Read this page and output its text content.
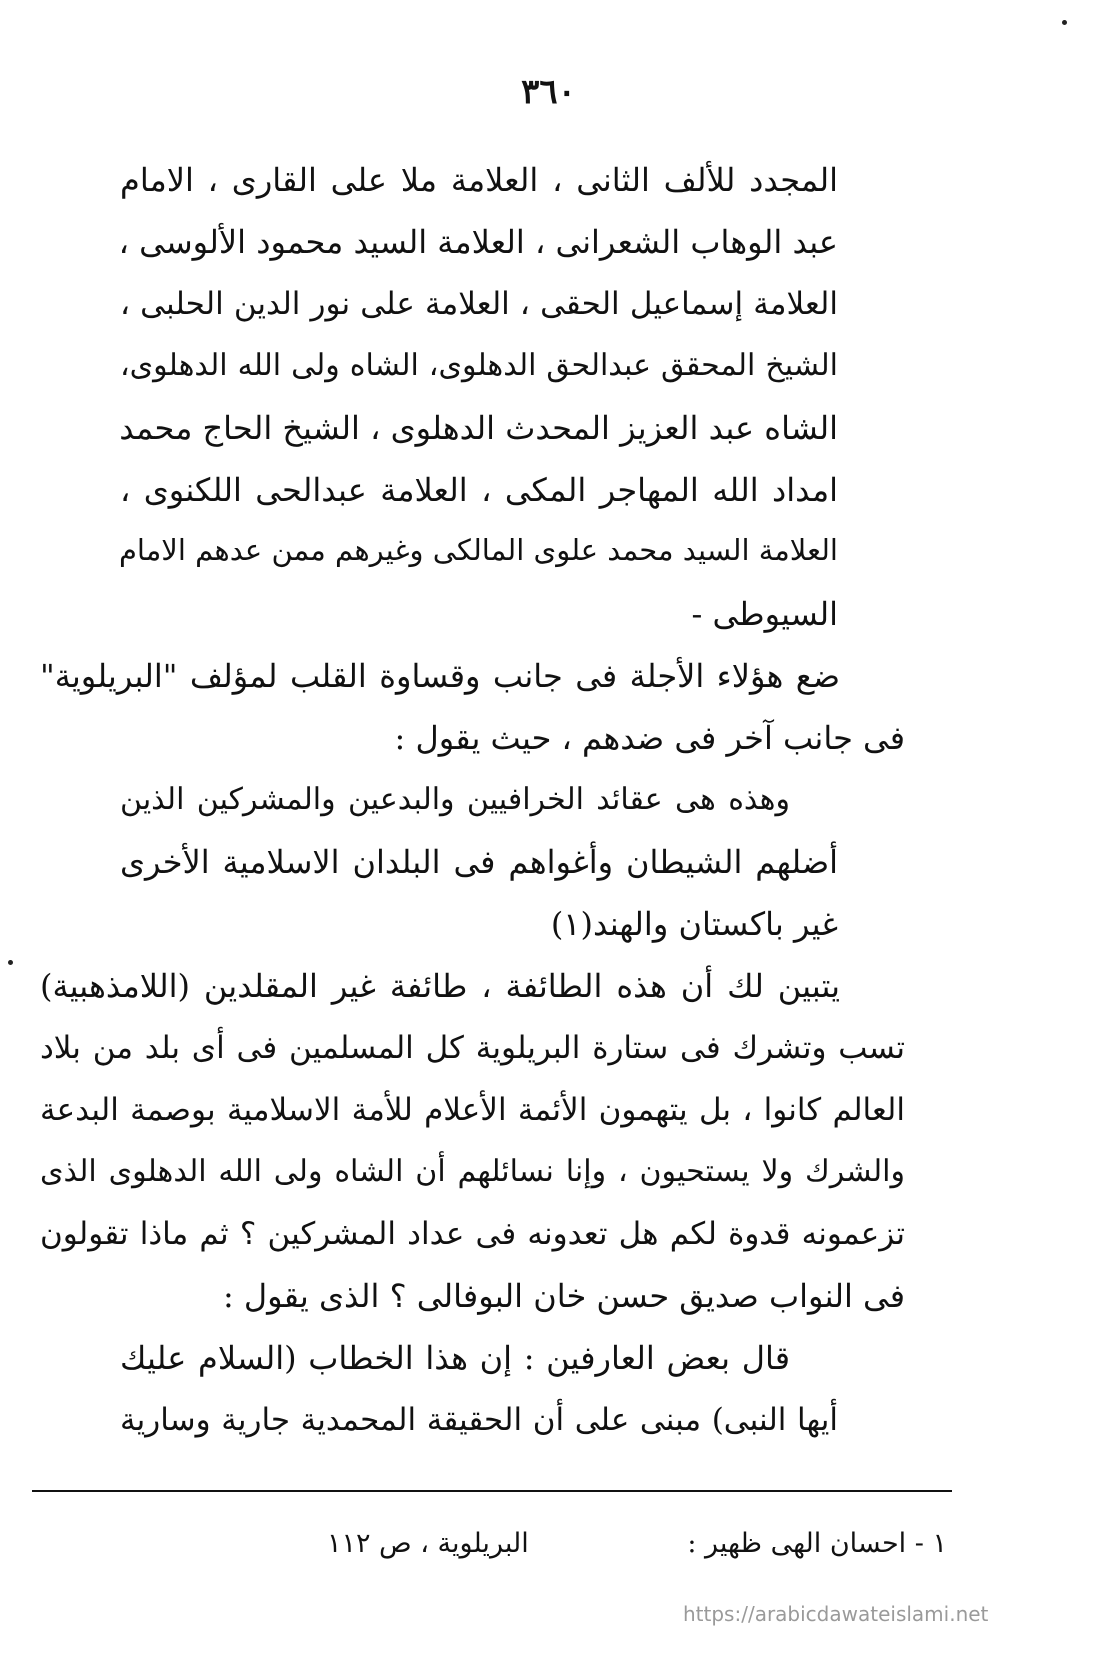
٣٦٠
المجدد للألف الثانى ، العلامة ملا على القارى ، الامام
عبد الوهاب الشعرانى ، العلامة السيد محمود الألوسى ،
العلامة إسماعيل الحقى ، العلامة على نور الدين الحلبى ،
الشيخ المحقق عبدالحق الدهلوى، الشاه ولى الله الدهلوى،
الشاه عبد العزيز المحدث الدهلوى ، الشيخ الحاج محمد
امداد الله المهاجر المكى ، العلامة عبدالحى اللكنوى ،
العلامة السيد محمد علوى المالكى وغيرهم ممن عدهم الامام
السيوطى -
ضع هؤلاء الأجلة فى جانب وقساوة القلب لمؤلف "البريلوية"
فى جانب آخر فى ضدهم ، حيث يقول :
وهذه هى عقائد الخرافيين والبدعين والمشركين الذين
أضلهم الشيطان وأغواهم فى البلدان الاسلامية الأخرى
غير باكستان والهند(١)
يتبين لك أن هذه الطائفة ، طائفة غير المقلدين (اللامذهبية)
تسب وتشرك فى ستارة البريلوية كل المسلمين فى أى بلد من بلاد
العالم كانوا ، بل يتهمون الأئمة الأعلام للأمة الاسلامية بوصمة البدعة
والشرك ولا يستحيون ، وإنا نسائلهم أن الشاه ولى الله الدهلوى الذى
تزعمونه قدوة لكم هل تعدونه فى عداد المشركين ؟ ثم ماذا تقولون
فى النواب صديق حسن خان البوفالى ؟ الذى يقول :
قال بعض العارفين : إن هذا الخطاب (السلام عليك
أيها النبى) مبنى على أن الحقيقة المحمدية جارية وسارية
١ - احسان الهى ظهير : البريلوية ، ص ١١٢
https://arabicdawateislami.net
